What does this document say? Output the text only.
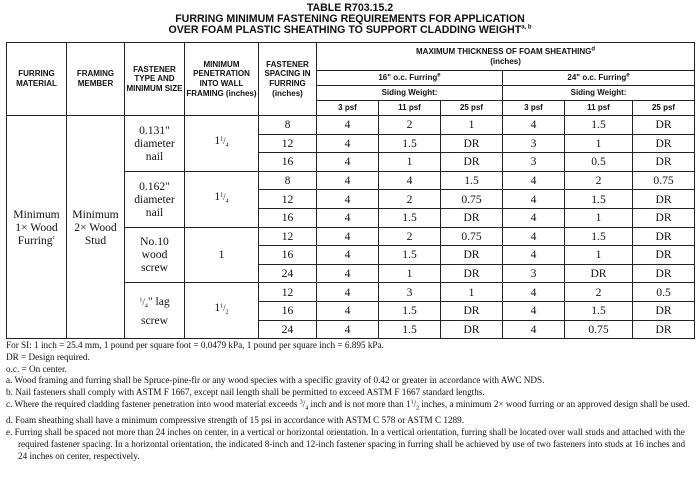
TABLE R703.15.2
FURRING MINIMUM FASTENING REQUIREMENTS FOR APPLICATION
OVER FOAM PLASTIC SHEATHING TO SUPPORT CLADDING WEIGHT$^{a, b}$
FURRING MATERIAL	FRAMING MEMBER	FASTENER TYPE AND MINIMUM SIZE	MINIMUM PENETRATION INTO WALL FRAMING (inches)	FASTENER SPACING IN FURRING (inches)	MAXIMUM THICKNESS OF FOAM SHEATHING$^d$
(inches)					
					16" o.c. Furring$^e$			24" o.c. Furring$^e$
					Siding Weight:			Siding Weight:		
					3 psf	11 psf	25 psf	3 psf	11 psf	25 psf
Minimum
1× Wood
Furring$^c$	Minimum
2× Wood
Stud	0.131"
diameter
nail	$1^1/_4$	8	4	2	1	4	1.5	DR
				12	4	1.5	DR	3	1	DR
				16	4	1	DR	3	0.5	DR
		0.162"
diameter
nail	$1^1/_4$	8	4	4	1.5	4	2	0.75
				12	4	2	0.75	4	1.5	DR
				16	4	1.5	DR	4	1	DR
		No.10
wood
screw	1	12	4	2	0.75	4	1.5	DR
				16	4	1.5	DR	4	1	DR
				24	4	1	DR	3	DR	DR
		$^1/_4$" lag
screw	$1^1/_2$	12	4	3	1	4	2	0.5
				16	4	1.5	DR	4	1.5	DR
				24	4	1.5	DR	4	0.75	DR

For SI: 1 inch = 25.4 mm, 1 pound per square foot = 0.0479 kPa, 1 pound per square inch = 6.895 kPa.

DR = Design required.

o.c. = On center.

a. Wood framing and furring shall be Spruce-pine-fir or any wood species with a specific gravity of 0.42 or greater in accordance with AWC NDS.

b. Nail fasteners shall comply with ASTM F 1667, except nail length shall be permitted to exceed ASTM F 1667 standard lengths.

c. Where the required cladding fastener penetration into wood material exceeds $^3/_4$ inch and is not more than $1^1/_2$ inches, a minimum 2× wood furring or an approved design shall be used.

d. Foam sheathing shall have a minimum compressive strength of 15 psi in accordance with ASTM C 578 or ASTM C 1289.

e. Furring shall be spaced not more than 24 inches on center, in a vertical or horizontal orientation. In a vertical orientation, furring shall be located over wall studs and attached with the required fastener spacing. In a horizontal orientation, the indicated 8-inch and 12-inch fastener spacing in furring shall be achieved by use of two fasteners into studs at 16 inches and 24 inches on center, respectively.
